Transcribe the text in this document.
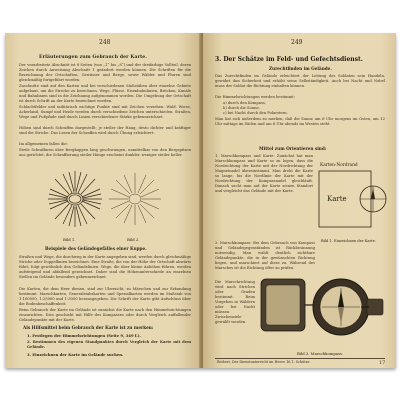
248
Erläuterungen zum Gebrauch der Karte.
Der verarbeitete Abschnitt ist 8 Seiten (von „1“ bis „8“) und der dreifarbige Vollteil, deren Zeichen durch Anweisung Abschnitt 1 geändert werden können. Die Schriften für die Bezeichnung der Ortschaften, Gewässer und Berge, sowie Wälder und Fluren sind gleichmäßig fortgeführt worden.
Zuschnitte sind auf den Karten und bei verschiedenen Maßstäben über einzelne Gebiete aufgebaut, um die Strecke zu berechnen. Wege, Flüsse, Eisenbahnlinien, Brücken, Kanäle und Bahnlinien sind in die Zeichnung aufgenommen worden. Die Umgebung der Ortschaft ist durch Schrift an der Karte bezeichnet worden.
Schlachtfelder und militärisch wichtige Punkte sind mit Zeichen versehen. Wald, Wiese, Ackerland, Sumpf und Heide werden durch verschiedene Zeichen unterschieden. Straßen, Wege und Fußpfade sind durch Linien verschiedener Stärke gekennzeichnet.
Höhen sind durch Schraffen dargestellt; je steiler der Hang, desto dichter und kräftiger sind die Striche. Das Lesen der Schraffen wird durch Übung erleichtert.
Im allgemeinen fallen die:
Steile Schraffuren über Bergkuppen lang geschwungen, unmittelbar von den Bergspitzen aus gerichtet, die Schraffierung steiler Hänge erscheint dunkler, weniger steiler heller.
Bild 1.	Bild 2.
Beispiele des Geländegefälles einer Kuppe.
Straßen und Wege, die durchweg in der Karte angegeben sind, werden durch gleichmäßige Striche oder Doppellinien bezeichnet. Eine Straße, die von der Höhe der Ortschaft abwärts führt, folgt gewöhnlich den Geländelinien. Wege, die über kleine Anhöhen führen, werden aufsteigend und abfallend gezeichnet. Daher sind die Höhenunterschiede an einzelnen Stellen im Gelände besonders gekennzeichnet.
Die Karten, die dem Heer dienen, sind zur Übersicht, zu Märschen und zur Erkundung bestimmt. Marschkarten, Generalstabskarten und Spezialkarten werden im Maßstab von 1:100000, 1:25000 und 1:5000 herausgegeben. Die Schrift der Karte gibt Aufschluss über die Bodenbeschaffenheit.
Beim Gebrauch der Karte im Gelände ist zunächst die Karte nach den Himmelsrichtungen einzurichten. Dies geschieht mit Hilfe des Kompasses oder durch Vergleich auffallender Geländepunkte mit der Karte.
Als Hilfsmittel beim Gebrauch der Karte ist zu merken:
1. Festlegen der Himmelsrichtungen (Seite 9, 349 f.).
2. Bestimmen des eigenen Standpunktes durch Vergleich der Karte mit dem Gelände.
3. Einzeichnen der Karte im Gelände suchen.
249
3. Der Schätze im Feld- und Gefechtsdienst.
Zurechtfinden im Gelände.
Das Zurechtfinden im Gelände erleichtert der Leitung des Soldaten sein Handeln, gewährt ihm Sicherheit und erhöht seine Selbständigkeit. Auch bei Nacht und Nebel muss der Soldat die Richtung einhalten können.
Die Himmelsrichtungen werden bestimmt:
a) durch den Kompass,
b) durch die Sonne,
c) bei Nacht durch den Polarstern.
Man hat sich außerdem zu merken, daß die Sonne um 6 Uhr morgens im Osten, um 12 Uhr mittags im Süden und um 6 Uhr abends im Westen steht.
Mittel zum Orientieren sind:
1. Marschkompass und Karte: Zunächst hat man Marschkompass und Karte so zu legen, dass die Nordrichtung der Karte mit der Nordrichtung der Magnetnadel übereinstimmt. Man dreht die Karte so lange, bis die Nordlinie der Karte mit der Nordrichtung der Kompassnadel gleichläuft. Danach sucht man auf der Karte seinen Standort und vergleicht das Gelände mit der Karte.
Karten-Nordrand
Karte
Bild 1. Einzeichnen der Karte.
2. Marschkompass: Bei dem Gebrauch von Kompass und Geländegegenständen ist Rückbesinnung notwendig. Man wählt deutlich sichtbare Geländepunkte, die in der gewünschten Richtung liegen, und marschiert auf diese zu. Während des Marsches ist die Richtung öfter zu prüfen.
Die Marschrichtung wird nach Strichen oder Graden bestimmt. Beim Vorgehen in Wäldern oder bei Nacht müssen Zwischenziele gewählt werden.
Bild 3. Marschkompass.
Reibert, Der Dienstunterricht im Heere 16.1. Schütze	17
